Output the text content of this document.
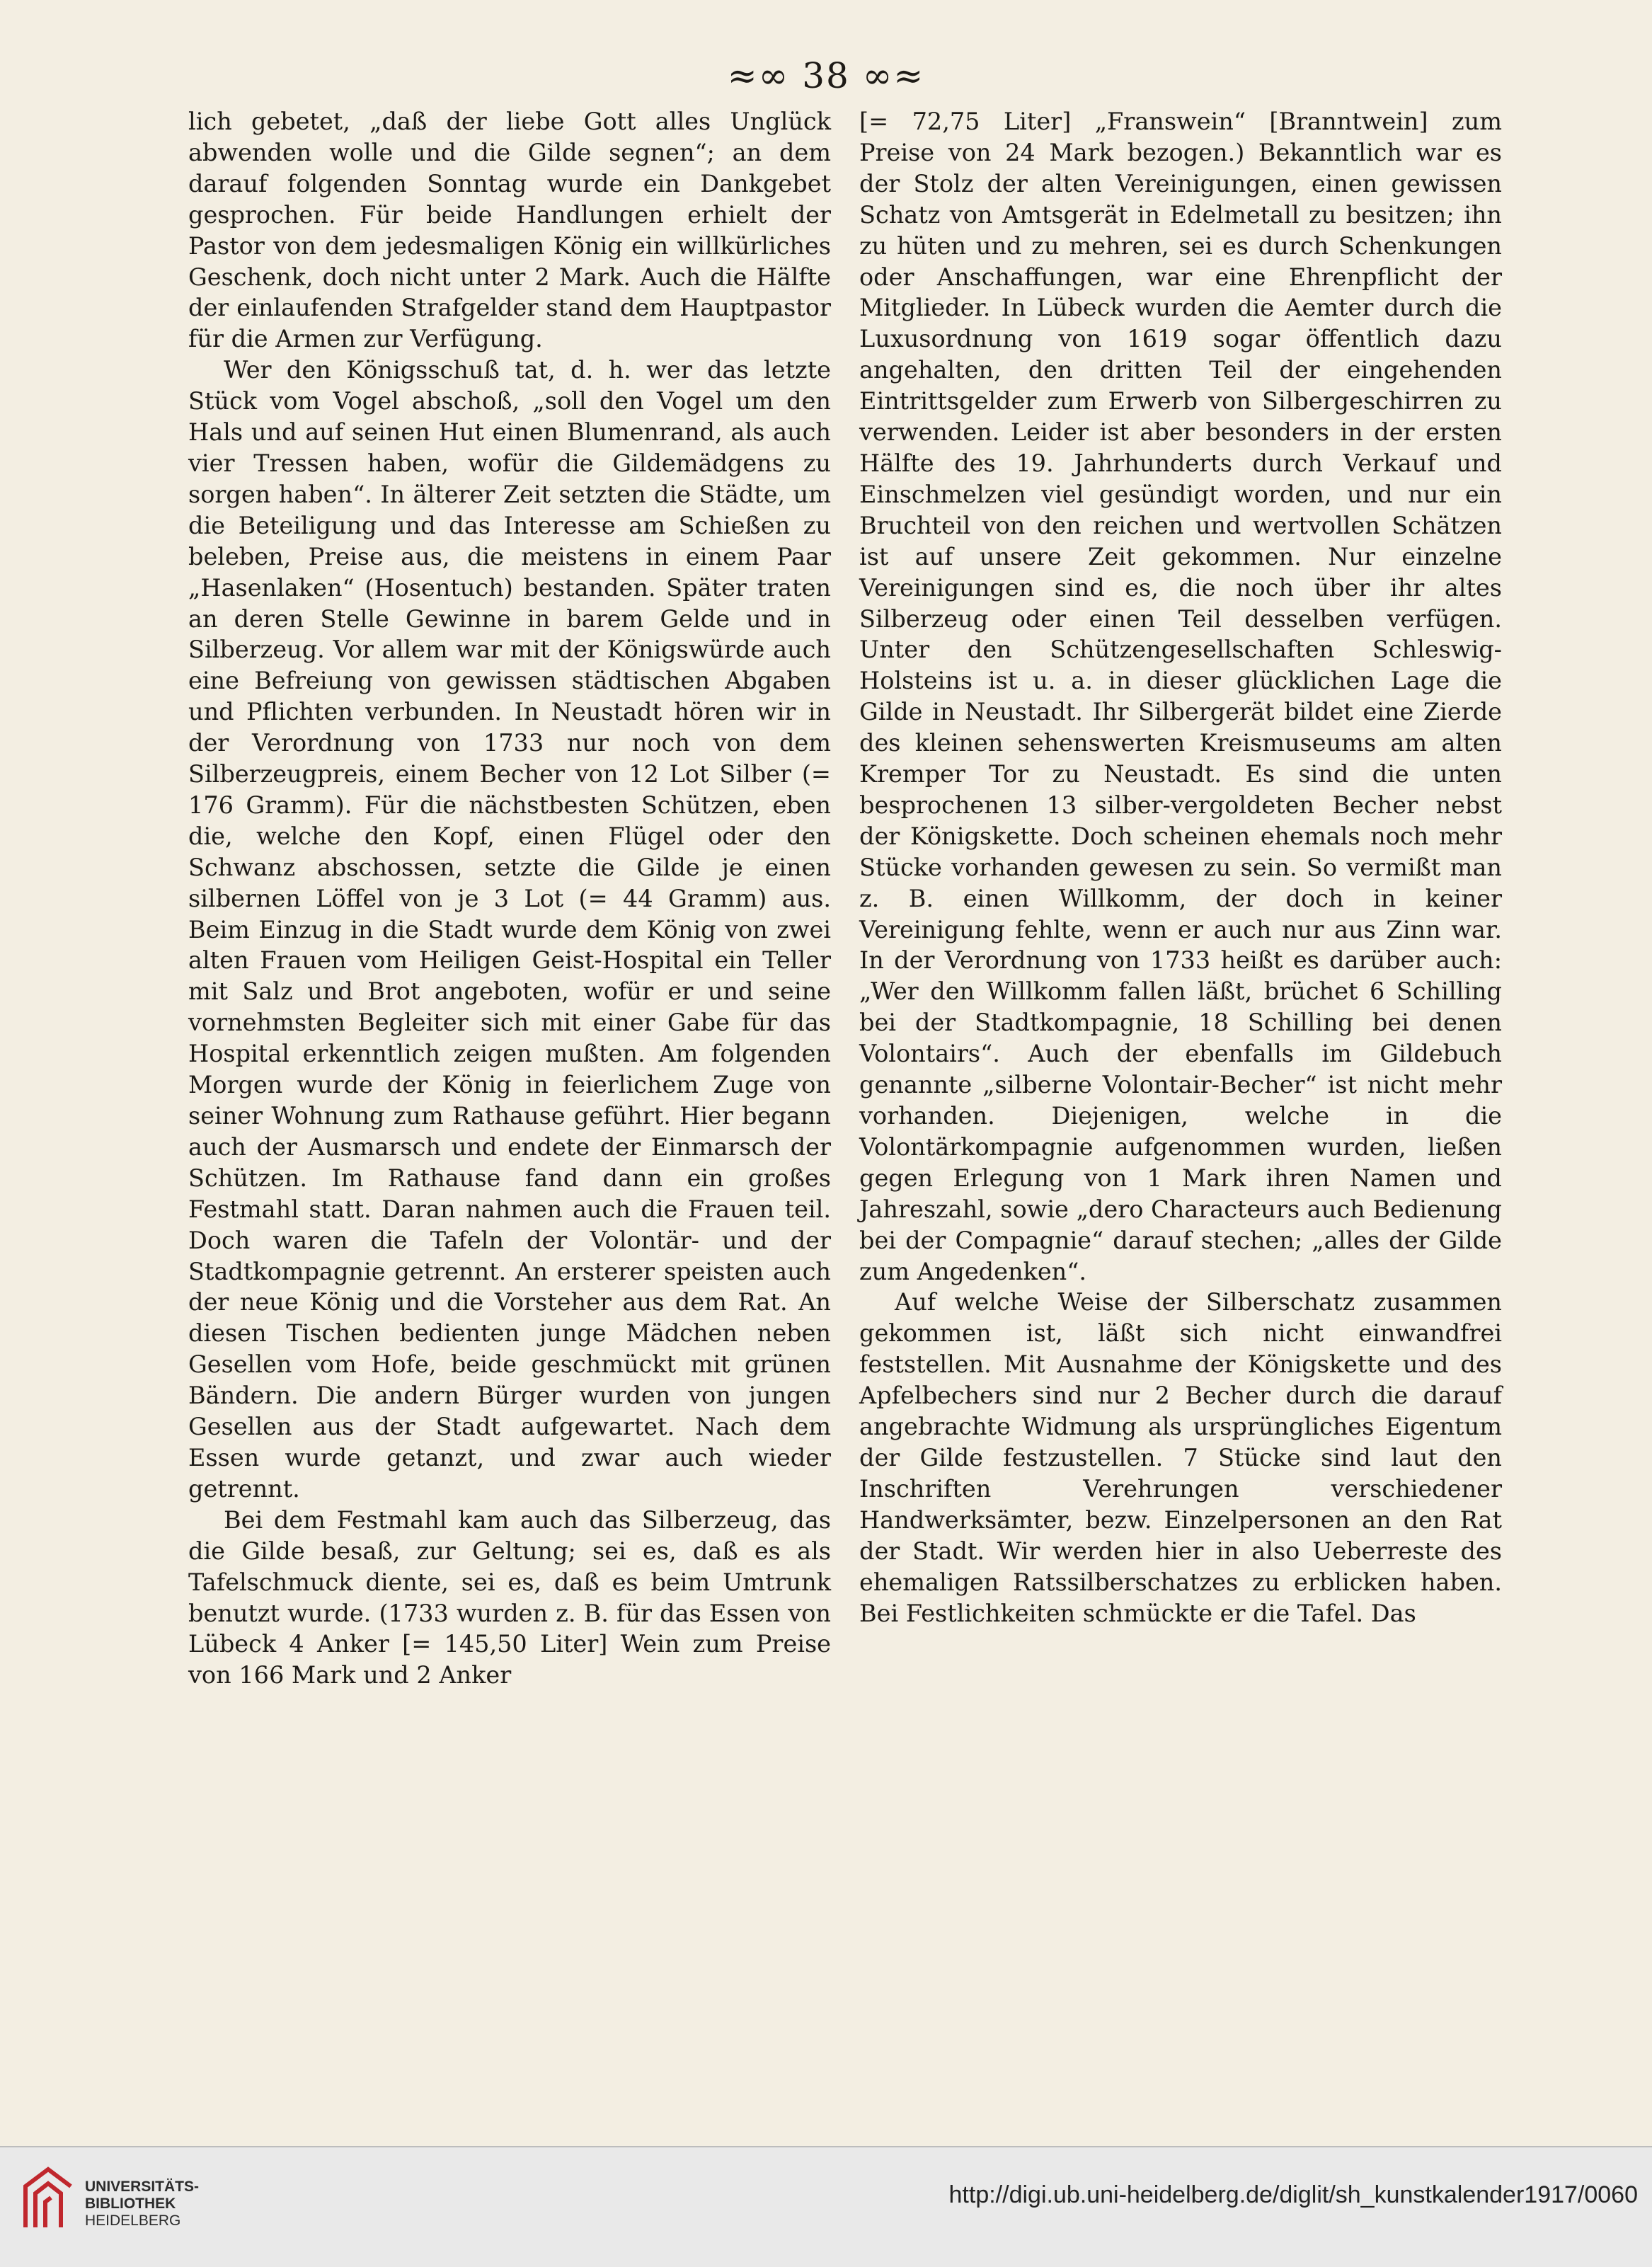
≈∞ 38 ∞≈

lich gebetet, „daß der liebe Gott alles Unglück abwenden wolle und die Gilde segnen“; an dem darauf folgenden Sonntag wurde ein Dankgebet gesprochen. Für beide Handlungen erhielt der Pastor von dem jedesmaligen König ein willkürliches Geschenk, doch nicht unter 2 Mark. Auch die Hälfte der einlaufenden Strafgelder stand dem Hauptpastor für die Armen zur Verfügung.

Wer den Königsschuß tat, d. h. wer das letzte Stück vom Vogel abschoß, „soll den Vogel um den Hals und auf seinen Hut einen Blumenrand, als auch vier Tressen haben, wofür die Gildemädgens zu sorgen haben“. In älterer Zeit setzten die Städte, um die Beteiligung und das Interesse am Schießen zu beleben, Preise aus, die meistens in einem Paar „Hasenlaken“ (Hosentuch) bestanden. Später traten an deren Stelle Gewinne in barem Gelde und in Silberzeug. Vor allem war mit der Königswürde auch eine Befreiung von gewissen städtischen Abgaben und Pflichten verbunden. In Neustadt hören wir in der Verordnung von 1733 nur noch von dem Silberzeugpreis, einem Becher von 12 Lot Silber (= 176 Gramm). Für die nächstbesten Schützen, eben die, welche den Kopf, einen Flügel oder den Schwanz abschossen, setzte die Gilde je einen silbernen Löffel von je 3 Lot (= 44 Gramm) aus. Beim Einzug in die Stadt wurde dem König von zwei alten Frauen vom Heiligen Geist-Hospital ein Teller mit Salz und Brot angeboten, wofür er und seine vornehmsten Begleiter sich mit einer Gabe für das Hospital erkenntlich zeigen mußten. Am folgenden Morgen wurde der König in feierlichem Zuge von seiner Wohnung zum Rathause geführt. Hier begann auch der Ausmarsch und endete der Einmarsch der Schützen. Im Rathause fand dann ein großes Festmahl statt. Daran nahmen auch die Frauen teil. Doch waren die Tafeln der Volontär- und der Stadtkompagnie getrennt. An ersterer speisten auch der neue König und die Vorsteher aus dem Rat. An diesen Tischen bedienten junge Mädchen neben Gesellen vom Hofe, beide geschmückt mit grünen Bändern. Die andern Bürger wurden von jungen Gesellen aus der Stadt aufgewartet. Nach dem Essen wurde getanzt, und zwar auch wieder getrennt.

Bei dem Festmahl kam auch das Silberzeug, das die Gilde besaß, zur Geltung; sei es, daß es als Tafelschmuck diente, sei es, daß es beim Umtrunk benutzt wurde. (1733 wurden z. B. für das Essen von Lübeck 4 Anker [= 145,50 Liter] Wein zum Preise von 166 Mark und 2 Anker

[= 72,75 Liter] „Franswein“ [Branntwein] zum Preise von 24 Mark bezogen.) Bekanntlich war es der Stolz der alten Vereinigungen, einen gewissen Schatz von Amtsgerät in Edelmetall zu besitzen; ihn zu hüten und zu mehren, sei es durch Schenkungen oder Anschaffungen, war eine Ehrenpflicht der Mitglieder. In Lübeck wurden die Aemter durch die Luxusordnung von 1619 sogar öffentlich dazu angehalten, den dritten Teil der eingehenden Eintrittsgelder zum Erwerb von Silbergeschirren zu verwenden. Leider ist aber besonders in der ersten Hälfte des 19. Jahrhunderts durch Verkauf und Einschmelzen viel gesündigt worden, und nur ein Bruchteil von den reichen und wertvollen Schätzen ist auf unsere Zeit gekommen. Nur einzelne Vereinigungen sind es, die noch über ihr altes Silberzeug oder einen Teil desselben verfügen. Unter den Schützengesellschaften Schleswig-Holsteins ist u. a. in dieser glücklichen Lage die Gilde in Neustadt. Ihr Silbergerät bildet eine Zierde des kleinen sehenswerten Kreismuseums am alten Kremper Tor zu Neustadt. Es sind die unten besprochenen 13 silber-vergoldeten Becher nebst der Königskette. Doch scheinen ehemals noch mehr Stücke vorhanden gewesen zu sein. So vermißt man z. B. einen Willkomm, der doch in keiner Vereinigung fehlte, wenn er auch nur aus Zinn war. In der Verordnung von 1733 heißt es darüber auch: „Wer den Willkomm fallen läßt, brüchet 6 Schilling bei der Stadtkompagnie, 18 Schilling bei denen Volontairs“. Auch der ebenfalls im Gildebuch genannte „silberne Volontair-Becher“ ist nicht mehr vorhanden. Diejenigen, welche in die Volontärkompagnie aufgenommen wurden, ließen gegen Erlegung von 1 Mark ihren Namen und Jahreszahl, sowie „dero Characteurs auch Bedienung bei der Compagnie“ darauf stechen; „alles der Gilde zum Angedenken“.

Auf welche Weise der Silberschatz zusammen gekommen ist, läßt sich nicht einwandfrei feststellen. Mit Ausnahme der Königskette und des Apfelbechers sind nur 2 Becher durch die darauf angebrachte Widmung als ursprüngliches Eigentum der Gilde festzustellen. 7 Stücke sind laut den Inschriften Verehrungen verschiedener Handwerksämter, bezw. Einzelpersonen an den Rat der Stadt. Wir werden hier in also Ueberreste des ehemaligen Ratssilberschatzes zu erblicken haben. Bei Festlichkeiten schmückte er die Tafel. Das

UNIVERSITÄTS-
BIBLIOTHEK
HEIDELBERG
http://digi.ub.uni-heidelberg.de/diglit/sh_kunstkalender1917/0060
